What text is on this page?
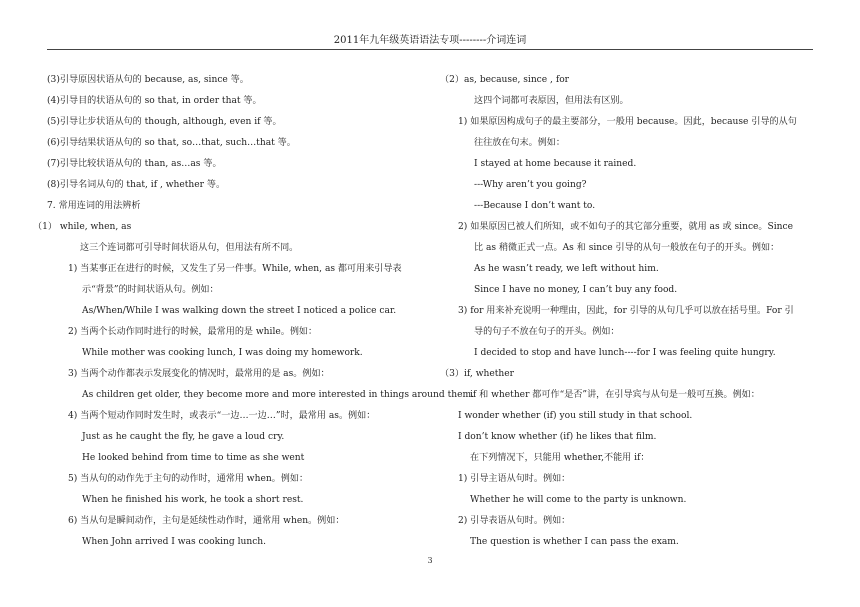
2011年九年级英语语法专项--------介词连词
(3)引导原因状语从句的 because, as, since 等。
(4)引导目的状语从句的 so that, in order that 等。
(5)引导让步状语从句的 though, although, even if 等。
(6)引导结果状语从句的 so that, so…that, such…that 等。
(7)引导比较状语从句的 than, as…as 等。
(8)引导名词从句的 that, if , whether 等。
7. 常用连词的用法辨析
（1） while, when, as
这三个连词都可引导时间状语从句，但用法有所不同。
1) 当某事正在进行的时候，又发生了另一件事。While, when, as 都可用来引导表
示“背景”的时间状语从句。例如：
As/When/While I was walking down the street I noticed a police car.
2) 当两个长动作同时进行的时候，最常用的是 while。例如：
While mother was cooking lunch, I was doing my homework.
3) 当两个动作都表示发展变化的情况时，最常用的是 as。例如：
As children get older, they become more and more interested in things around them.
4) 当两个短动作同时发生时，或表示“一边…一边…”时，最常用 as。例如：
Just as he caught the fly, he gave a loud cry.
He looked behind from time to time as she went
5) 当从句的动作先于主句的动作时，通常用 when。例如：
When he finished his work, he took a short rest.
6) 当从句是瞬间动作，主句是延续性动作时，通常用 when。例如：
When John arrived I was cooking lunch.
（2）as, because, since , for
这四个词都可表原因，但用法有区别。
1) 如果原因构成句子的最主要部分，一般用 because。因此，because 引导的从句
往往放在句末。例如：
I stayed at home because it rained.
---Why aren’t you going?
---Because I don’t want to.
2) 如果原因已被人们所知，或不如句子的其它部分重要，就用 as 或 since。Since
比 as 稍微正式一点。As 和 since 引导的从句一般放在句子的开头。例如：
As he wasn’t ready, we left without him.
Since I have no money, I can’t buy any food.
3) for 用来补充说明一种理由，因此，for 引导的从句几乎可以放在括号里。For 引
导的句子不放在句子的开头。例如：
I decided to stop and have lunch----for I was feeling quite hungry.
（3）if, whether
if 和 whether 都可作“是否”讲，在引导宾与从句是一般可互换。例如：
I wonder whether (if) you still study in that school.
I don’t know whether (if) he likes that film.
在下列情况下，只能用 whether,不能用 if：
1) 引导主语从句时。例如：
Whether he will come to the party is unknown.
2) 引导表语从句时。例如：
The question is whether I can pass the exam.
3
